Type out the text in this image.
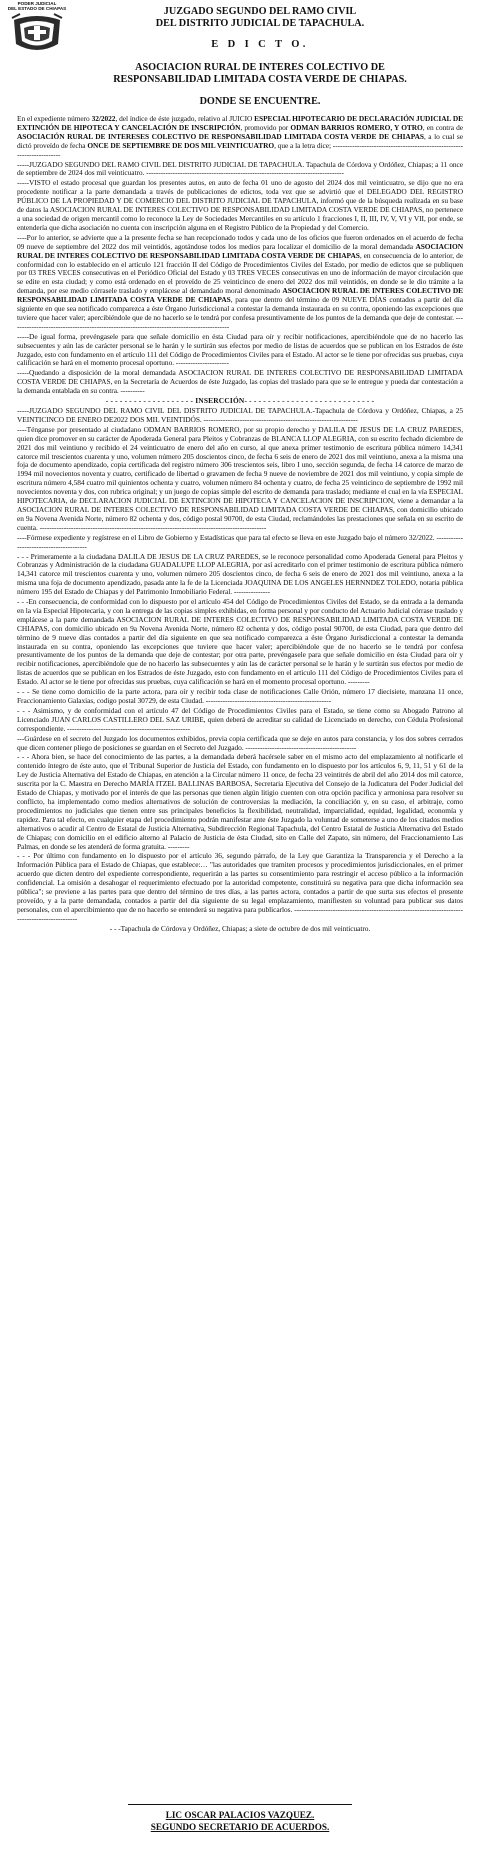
PODER JUDICIAL
DEL ESTADO DE CHIAPAS	JUZGADO SEGUNDO DEL RAMO CIVIL
DEL DISTRITO JUDICIAL DE TAPACHULA.
E D I C T O.
ASOCIACION RURAL DE INTERES COLECTIVO DE
RESPONSABILIDAD LIMITADA COSTA VERDE DE CHIAPAS.
DONDE SE ENCUENTRE.

En el expediente número 32/2022, del índice de éste juzgado, relativo al JUICIO ESPECIAL HIPOTECARIO DE DECLARACIÓN JUDICIAL DE EXTINCIÓN DE HIPOTECA Y CANCELACIÓN DE INSCRIPCIÓN, promovido por ODMAN BARRIOS ROMERO, Y OTRO, en contra de ASOCIACIÓN RURAL DE INTERESES COLECTIVO DE RESPONSABILIDAD LIMITADA COSTA VERDE DE CHIAPAS, a lo cual se dictó proveído de fecha ONCE DE SEPTIEMBRE DE DOS MIL VEINTICUATRO, que a la letra dice; ------------------------------------------------------------------------

-----JUZGADO SEGUNDO DEL RAMO CIVIL DEL DISTRITO JUDICIAL DE TAPACHULA. Tapachula de Córdova y Ordóñez, Chiapas; a 11 once de septiembre de 2024 dos mil veinticuatro. ----------------------------------------------------------------------------------

-----VISTO el estado procesal que guardan los presentes autos, en auto de fecha 01 uno de agosto del 2024 dos mil veinticuatro, se dijo que no era procedente notificar a la parte demandada a través de publicaciones de edictos, toda vez que se advirtió que el DELEGADO DEL REGISTRO PÚBLICO DE LA PROPIEDAD Y DE COMERCIO DEL DISTRITO JUDICIAL DE TAPACHULA, informó que de la búsqueda realizada en su base de datos la ASOCIACION RURAL DE INTERES COLECTIVO DE RESPONSABILIDAD LIMITADA COSTA VERDE DE CHIAPAS, no pertenece a una sociedad de origen mercantil como lo reconoce la Ley de Sociedades Mercantiles en su artículo 1 fracciones I, II, III, IV, V, VI y VII, por ende, se entendería que dicha asociación no cuenta con inscripción alguna en el Registro Público de la Propiedad y del Comercio.

----Por lo anterior, se advierte que a la presente fecha se han recepcionado todos y cada uno de los oficios que fueron ordenados en el acuerdo de fecha 09 nueve de septiembre del 2022 dos mil veintidós, agotándose todos los medios para localizar el domicilio de la moral demandada ASOCIACION RURAL DE INTERES COLECTIVO DE RESPONSABILIDAD LIMITADA COSTA VERDE DE CHIAPAS, en consecuencia de lo anterior, de conformidad con lo establecido en el artículo 121 fracción II del Código de Procedimientos Civiles del Estado, por medio de edictos que se publiquen por 03 TRES VECES consecutivas en el Periódico Oficial del Estado y 03 TRES VECES consecutivas en uno de información de mayor circulación que se edite en esta ciudad; y como está ordenado en el proveído de 25 veinticinco de enero del 2022 dos mil veintidós, en donde se le dio trámite a la demanda, por ese medio córrasele traslado y emplácese al demandado moral denominado ASOCIACION RURAL DE INTERES COLECTIVO DE RESPONSABILIDAD LIMITADA COSTA VERDE DE CHIAPAS, para que dentro del término de 09 NUEVE DÍAS contados a partir del día siguiente en que sea notificado comparezca a éste Órgano Jurisdiccional a contestar la demanda instaurada en su contra, oponiendo las excepciones que tuviere que hacer valer; apercibiéndole que de no hacerlo se le tendrá por confesa presuntivamente de los puntos de la demanda que deje de contestar. -------------------------------------------------------------------------------------------

-----De igual forma, prevéngasele para que señale domicilio en ésta Ciudad para oír y recibir notificaciones, apercibiéndole que de no hacerlo las subsecuentes y aún las de carácter personal se le harán y le surtirán sus efectos por medio de listas de acuerdos que se publican en los Estrados de éste Juzgado, esto con fundamento en el artículo 111 del Código de Procedimientos Civiles para el Estado. Al actor se le tiene por ofrecidas sus pruebas, cuya calificación se hará en el momento procesal oportuno. ----------------------

-----Quedando a disposición de la moral demandada ASOCIACION RURAL DE INTERES COLECTIVO DE RESPONSABILIDAD LIMITADA COSTA VERDE DE CHIAPAS, en la Secretaría de Acuerdos de éste Juzgado, las copias del traslado para que se le entregue y pueda dar contestación a la demanda entablada en su contra. ----------

- - - - - - - - - - - - - - - - - - - INSERCCIÓN- - - - - - - - - - - - - - - - - - - - - - - - - - - -

-----JUZGADO SEGUNDO DEL RAMO CIVIL DEL DISTRITO JUDICIAL DE TAPACHULA.-Tapachula de Córdova y Ordóñez, Chiapas, a 25 VEINTICINCO DE ENERO DE2022 DOS MIL VEINTIDÓS. ----------------------------------------------------------------

----Ténganse por presentado al ciudadano ODMAN BARRIOS ROMERO, por su propio derecho y DALILA DE JESUS DE LA CRUZ PAREDES, quien dice promover en su carácter de Apoderada General para Pleitos y Cobranzas de BLANCA LLOP ALEGRIA, con su escrito fechado diciembre de 2021 dos mil veintiuno y recibido el 24 veinticuatro de enero del año en curso, al que anexa primer testimonio de escritura pública número 14,341 catorce mil trescientos cuarenta y uno, volumen número 205 doscientos cinco, de fecha 6 seis de enero de 2021 dos mil veintiuno, anexa a la misma una foja de documento apendizado, copia certificada del registro número 306 trescientos seis, libro I uno, sección segunda, de fecha 14 catorce de marzo de 1994 mil novecientos noventa y cuatro, certificado de libertad o gravamen de fecha 9 nueve de noviembre de 2021 dos mil veintiuno, y copia simple de escritura número 4,584 cuatro mil quinientos ochenta y cuatro, volumen número 84 ochenta y cuatro, de fecha 25 veinticinco de septiembre de 1992 mil novecientos noventa y dos, con rubrica original; y un juego de copias simple del escrito de demanda para traslado; mediante el cual en la vía ESPECIAL HIPOTECARIA, de DECLARACION JUDICIAL DE EXTINCION DE HIPOTECA Y CANCELACION DE INSCRIPCION, viene a demandar a la ASOCIACION RURAL DE INTERES COLECTIVO DE RESPONSABILIDAD LIMITADA COSTA VERDE DE CHIAPAS, con domicilio ubicado en 9a Novena Avenida Norte, número 82 ochenta y dos, código postal 90700, de esta Ciudad, reclamándoles las prestaciones que señala en su escrito de cuenta. ----------------------------------------------------------------------------------------------

----Fórmese expediente y regístrese en el Libro de Gobierno y Estadísticas que para tal efecto se lleva en este Juzgado bajo el número 32/2022. ----------------------------------------

- - - Primeramente a la ciudadana DALILA DE JESUS DE LA CRUZ PAREDES, se le reconoce personalidad como Apoderada General para Pleitos y Cobranzas y Administración de la ciudadana GUADALUPE LLOP ALEGRIA, por así acreditarlo con el primer testimonio de escritura pública número 14,341 catorce mil trescientos cuarenta y uno, volumen número 205 doscientos cinco, de fecha 6 seis de enero de 2021 dos mil veintiuno, anexa a la misma una foja de documento apendizado, pasada ante la fe de la Licenciada JOAQUINA DE LOS ANGELES HERNNDEZ TOLEDO, notaria pública número 195 del Estado de Chiapas y del Patrimonio Inmobiliario Federal. ---------------

- - -En consecuencia, de conformidad con lo dispuesto por el artículo 454 del Código de Procedimientos Civiles del Estado, se da entrada a la demanda en la vía Especial Hipotecaria, y con la entrega de las copias simples exhibidas, en forma personal y por conducto del Actuario Judicial córrase traslado y emplácese a la parte demandada ASOCIACION RURAL DE INTERES COLECTIVO DE RESPONSABILIDAD LIMITADA COSTA VERDE DE CHIAPAS, con domicilio ubicado en 9a Novena Avenida Norte, número 82 ochenta y dos, código postal 90700, de esta Ciudad, para que dentro del término de 9 nueve días contados a partir del día siguiente en que sea notificado comparezca a éste Órgano Jurisdiccional a contestar la demanda instaurada en su contra, oponiendo las excepciones que tuviere que hacer valer; apercibiéndole que de no hacerlo se le tendrá por confesa presuntivamente de los puntos de la demanda que deje de contestar; por otra parte, prevéngasele para que señale domicilio en ésta Ciudad para oír y recibir notificaciones, apercibiéndole que de no hacerlo las subsecuentes y aún las de carácter personal se le harán y le surtirán sus efectos por medio de listas de acuerdos que se publican en los Estrados de éste Juzgado, esto con fundamento en el artículo 111 del Código de Procedimientos Civiles para el Estado. Al actor se le tiene por ofrecidas sus pruebas, cuya calificación se hará en el momento procesal oportuno. ---------

- - - Se tiene como domicilio de la parte actora, para oír y recibir toda clase de notificaciones Calle Orión, número 17 diecisiete, manzana 11 once, Fraccionamiento Galaxias, codigo postal 30729, de esta Ciudad. ----------------------------------------------------

- - - Asimismo, y de conformidad con el artículo 47 del Código de Procedimientos Civiles para el Estado, se tiene como su Abogado Patrono al Licenciado JUAN CARLOS CASTILLERO DEL SAZ URIBE, quien deberá de acreditar su calidad de Licenciado en derecho, con Cédula Profesional correspondiente. ---------------------------------------------------

---Guárdese en el secreto del Juzgado los documentos exhibidos, previa copia certificada que se deje en autos para constancia, y los dos sobres cerrados que dicen contener pliego de posiciones se guardan en el Secreto del Juzgado. ----------------------------------------------

- - - Ahora bien, se hace del conocimiento de las partes, a la demandada deberá hacérsele saber en el mismo acto del emplazamiento al notificarle el contenido íntegro de éste auto, que el Tribunal Superior de Justicia del Estado, con fundamento en lo dispuesto por los artículos 6, 9, 11, 51 y 61 de la Ley de Justicia Alternativa del Estado de Chiapas, en atención a la Circular número 11 once, de fecha 23 veintitrés de abril del año 2014 dos mil catorce, suscrita por la C. Maestra en Derecho MARÍA ITZEL BALLINAS BARBOSA, Secretaria Ejecutiva del Consejo de la Judicatura del Poder Judicial del Estado de Chiapas, y motivado por el interés de que las personas que tienen algún litigio cuenten con otra opción pacífica y armoniosa para resolver su conflicto, ha implementado como medios alternativos de solución de controversias la mediación, la conciliación y, en su caso, el arbitraje, como procedimientos no judiciales que tienen entre sus principales beneficios la flexibilidad, neutralidad, imparcialidad, equidad, legalidad, economía y rapidez. Para tal efecto, en cualquier etapa del procedimiento podrán manifestar ante éste Juzgado la voluntad de someterse a uno de los citados medios alternativos o acudir al Centro de Estatal de Justicia Alternativa, Subdirección Regional Tapachula, del Centro Estatal de Justicia Alternativa del Estado de Chiapas; con domicilio en el edificio alterno al Palacio de Justicia de ésta Ciudad, sito en Calle del Zapato, sin número, del Fraccionamiento Las Palmas, en donde se les atenderá de forma gratuita. ---------

- - - Por último con fundamento en lo dispuesto por el artículo 36, segundo párrafo, de la Ley que Garantiza la Transparencia y el Derecho a la Información Pública para el Estado de Chiapas, que establece:… "las autoridades que tramiten procesos y procedimientos jurisdiccionales, en el primer acuerdo que dicten dentro del expediente correspondiente, requerirán a las partes su consentimiento para restringir el acceso público a la información confidencial. La omisión a desahogar el requerimiento efectuado por la autoridad competente, constituirá su negativa para que dicha información sea pública"; se previene a las partes para que dentro del término de tres días, a las partes actora, contados a partir de que surta sus efectos el presente proveído, y a la parte demandada, contados a partir del día siguiente de su legal emplazamiento, manifiesten su voluntad para publicar sus datos personales, con el apercibimiento que de no hacerlo se entenderá su negativa para publicarlos. -----------------------------------------------------------------------------------------------

- - -Tapachula de Córdova y Ordóñez, Chiapas; a siete de octubre de dos mil veinticuatro.

LIC OSCAR PALACIOS VAZQUEZ.
SEGUNDO SECRETARIO DE ACUERDOS.
